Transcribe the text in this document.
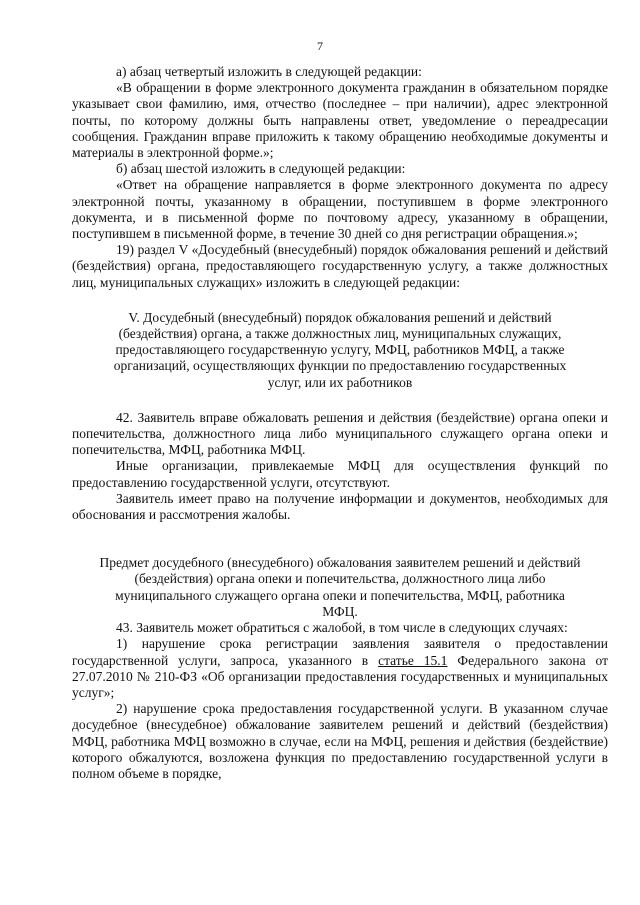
7

а) абзац четвертый изложить в следующей редакции:

«В обращении в форме электронного документа гражданин в обязательном порядке указывает свои фамилию, имя, отчество (последнее – при наличии), адрес электронной почты, по которому должны быть направлены ответ, уведомление о переадресации сообщения. Гражданин вправе приложить к такому обращению необходимые документы и материалы в электронной форме.»;

б) абзац шестой изложить в следующей редакции:

«Ответ на обращение направляется в форме электронного документа по адресу электронной почты, указанному в обращении, поступившем в форме электронного документа, и в письменной форме по почтовому адресу, указанному в обращении, поступившем в письменной форме, в течение 30 дней со дня регистрации обращения.»;

19) раздел V «Досудебный (внесудебный) порядок обжалования решений и действий (бездействия) органа, предоставляющего государственную услугу, а также должностных лиц, муниципальных служащих» изложить в следующей редакции:

V. Досудебный (внесудебный) порядок обжалования решений и действий (бездействия) органа, а также должностных лиц, муниципальных служащих, предоставляющего государственную услугу, МФЦ, работников МФЦ, а также организаций, осуществляющих функции по предоставлению государственных услуг, или их работников

42. Заявитель вправе обжаловать решения и действия (бездействие) органа опеки и попечительства, должностного лица либо муниципального служащего органа опеки и попечительства, МФЦ, работника МФЦ.

Иные организации, привлекаемые МФЦ для осуществления функций по предоставлению государственной услуги, отсутствуют.

Заявитель имеет право на получение информации и документов, необходимых для обоснования и рассмотрения жалобы.

Предмет досудебного (внесудебного) обжалования заявителем решений и действий (бездействия) органа опеки и попечительства, должностного лица либо муниципального служащего органа опеки и попечительства, МФЦ, работника МФЦ.

43. Заявитель может обратиться с жалобой, в том числе в следующих случаях:

1) нарушение срока регистрации заявления заявителя о предоставлении государственной услуги, запроса, указанного в статье 15.1 Федерального закона от 27.07.2010 № 210-ФЗ «Об организации предоставления государственных и муниципальных услуг»;

2) нарушение срока предоставления государственной услуги. В указанном случае досудебное (внесудебное) обжалование заявителем решений и действий (бездействия) МФЦ, работника МФЦ возможно в случае, если на МФЦ, решения и действия (бездействие) которого обжалуются, возложена функция по предоставлению государственной услуги в полном объеме в порядке,
